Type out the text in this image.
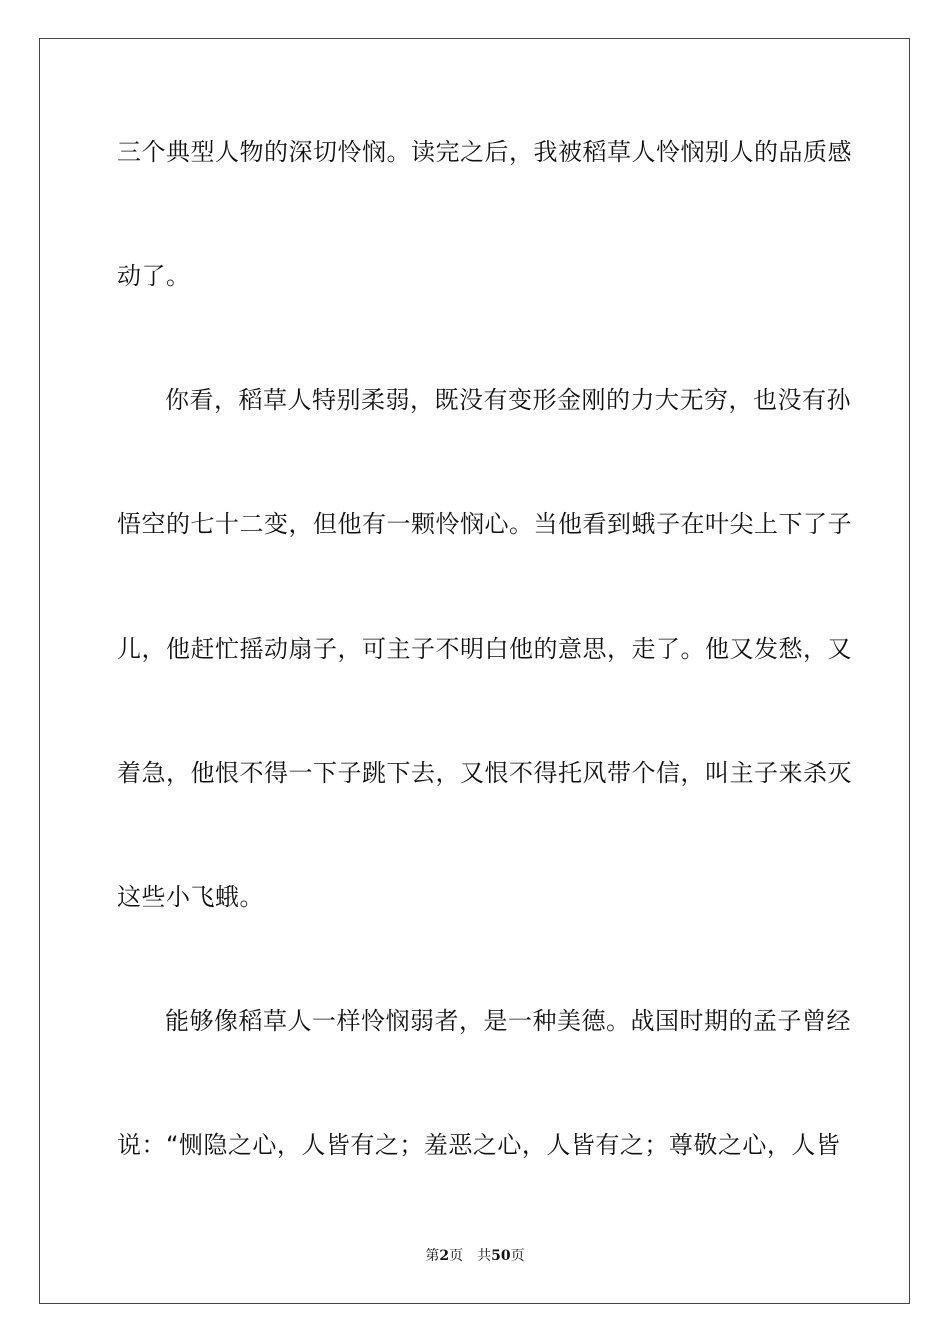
三个典型人物的深切怜悯。读完之后，我被稻草人怜悯别人的品质感
动了。
你看，稻草人特别柔弱，既没有变形金刚的力大无穷，也没有孙
悟空的七十二变，但他有一颗怜悯心。当他看到蛾子在叶尖上下了子
儿，他赶忙摇动扇子，可主子不明白他的意思，走了。他又发愁，又
着急，他恨不得一下子跳下去，又恨不得托风带个信，叫主子来杀灭
这些小飞蛾。
能够像稻草人一样怜悯弱者，是一种美德。战国时期的孟子曾经
说：“恻隐之心，人皆有之；羞恶之心，人皆有之；尊敬之心，人皆
第2页 共50页
